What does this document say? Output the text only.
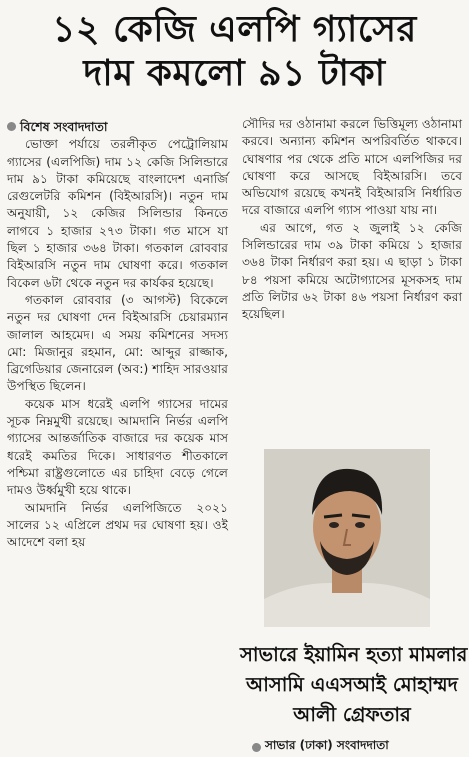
১২ কেজি এলপি গ্যাসের
দাম কমলো ৯১ টাকা
বিশেষ সংবাদদাতা

ভোক্তা পর্যায়ে তরলীকৃত পেট্রোলিয়াম গ্যাসের (এলপিজি) দাম ১২ কেজি সিলিন্ডারে দাম ৯১ টাকা কমিয়েছে বাংলাদেশ এনার্জি রেগুলেটরি কমিশন (বিইআরসি)। নতুন দাম অনুযায়ী, ১২ কেজির সিলিন্ডার কিনতে লাগবে ১ হাজার ২৭৩ টাকা। গত মাসে যা ছিল ১ হাজার ৩৬৪ টাকা। গতকাল রোববার বিইআরসি নতুন দাম ঘোষণা করে। গতকাল বিকেল ৬টা থেকে নতুন দর কার্যকর হয়েছে।

গতকাল রোববার (৩ আগস্ট) বিকেলে নতুন দর ঘোষণা দেন বিইআরসি চেয়ারম্যান জালাল আহমেদ। এ সময় কমিশনের সদস্য মো: মিজানুর রহমান, মো: আব্দুর রাজ্জাক, ব্রিগেডিয়ার জেনারেল (অব:) শাহিদ সারওয়ার উপস্থিত ছিলেন।

কয়েক মাস ধরেই এলপি গ্যাসের দামের সূচক নিম্নমুখী রয়েছে। আমদানি নির্ভর এলপি গ্যাসের আন্তর্জাতিক বাজারে দর কয়েক মাস ধরেই কমতির দিকে। সাধারণত শীতকালে পশ্চিমা রাষ্ট্রগুলোতে এর চাহিদা বেড়ে গেলে দামও উর্ধ্বমুখী হয়ে থাকে।

আমদানি নির্ভর এলপিজিতে ২০২১ সালের ১২ এপ্রিলে প্রথম দর ঘোষণা হয়। ওই আদেশে বলা হয়

সৌদির দর ওঠানামা করলে ভিত্তিমূল্য ওঠানামা করবে। অন্যান্য কমিশন অপরিবর্তিত থাকবে। ঘোষণার পর থেকে প্রতি মাসে এলপিজির দর ঘোষণা করে আসছে বিইআরসি। তবে অভিযোগ রয়েছে কখনই বিইআরসি নির্ধারিত দরে বাজারে এলপি গ্যাস পাওয়া যায় না।

এর আগে, গত ২ জুলাই ১২ কেজি সিলিন্ডারের দাম ৩৯ টাকা কমিয়ে ১ হাজার ৩৬৪ টাকা নির্ধারণ করা হয়। এ ছাড়া ১ টাকা ৮৪ পয়সা কমিয়ে অটোগ্যাসের মূসকসহ দাম প্রতি লিটার ৬২ টাকা ৪৬ পয়সা নির্ধারণ করা হয়েছিল।

সাভারে ইয়ামিন হত্যা মামলার
আসামি এএসআই মোহাম্মদ
আলী গ্রেফতার
সাভার (ঢাকা) সংবাদদাতা
